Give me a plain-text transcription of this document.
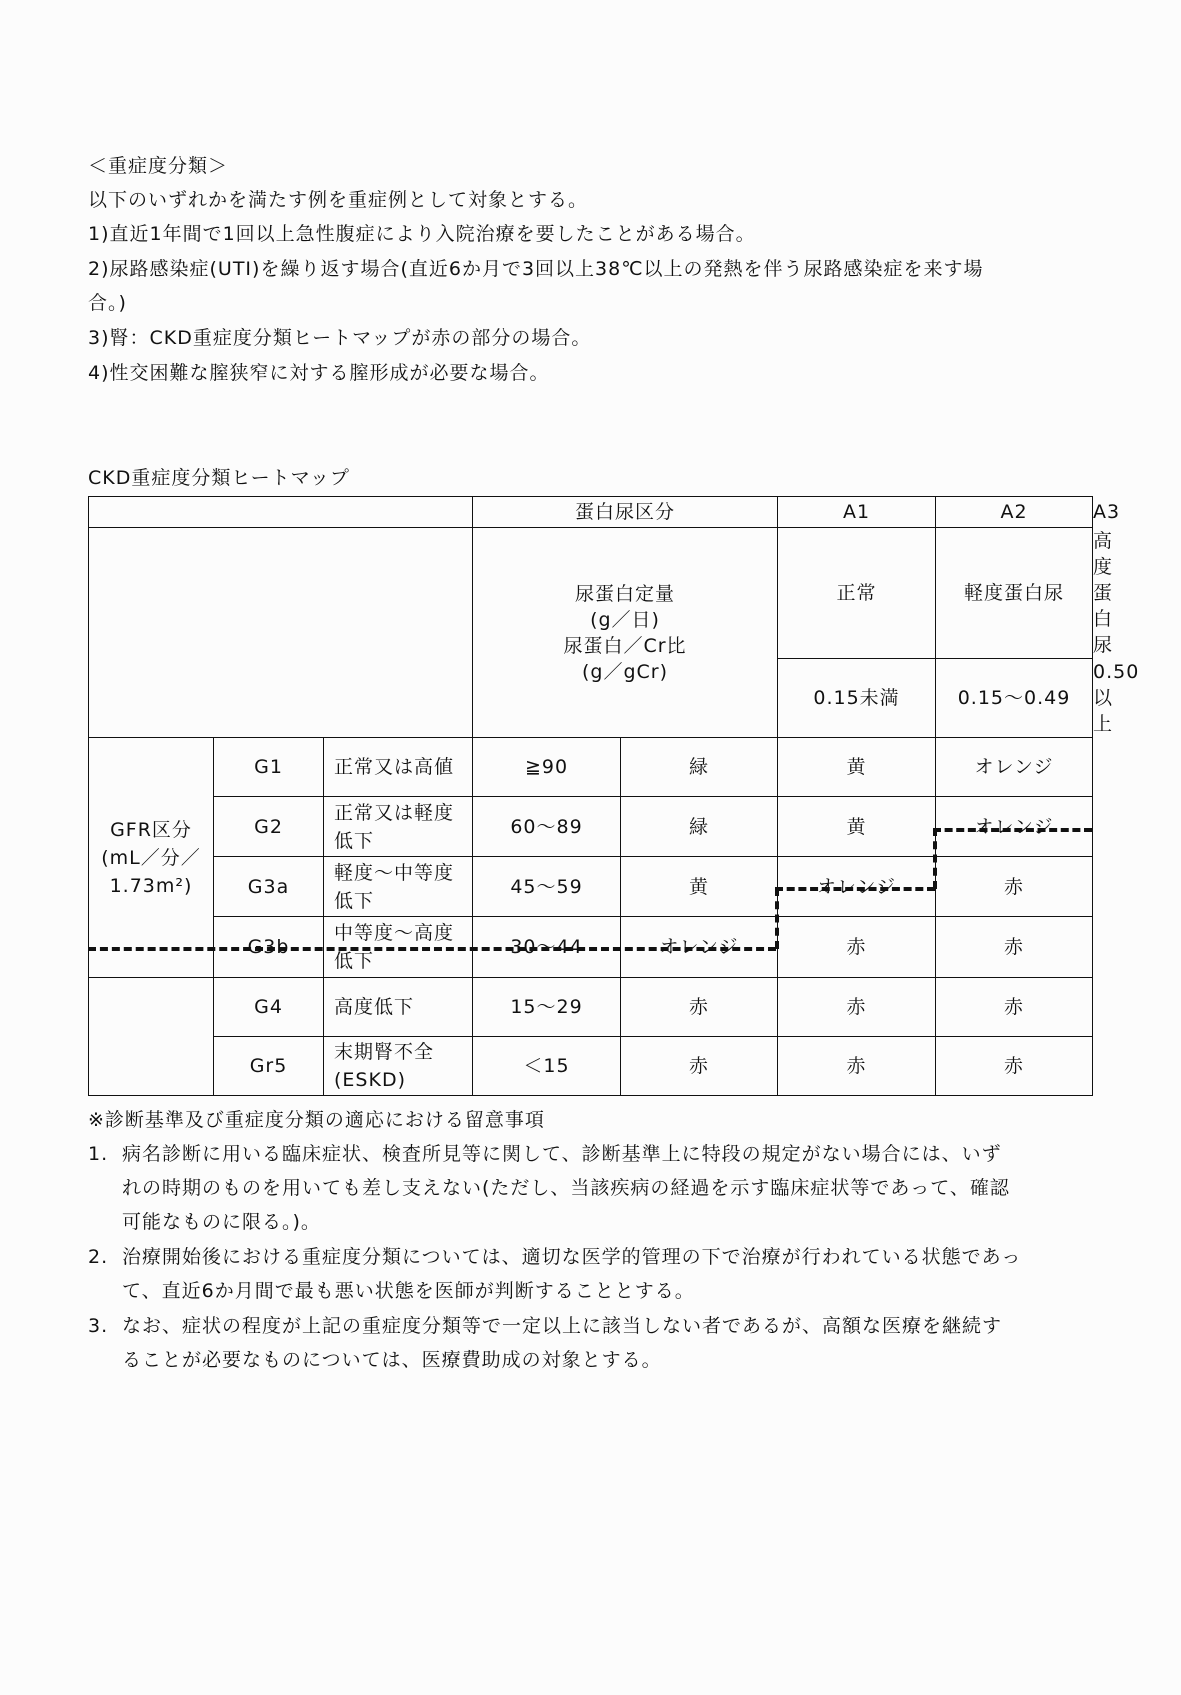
＜重症度分類＞
以下のいずれかを満たす例を重症例として対象とする。
1)直近1年間で1回以上急性腹症により入院治療を要したことがある場合。
2)尿路感染症(UTI)を繰り返す場合(直近6か月で3回以上38℃以上の発熱を伴う尿路感染症を来す場
合。)
3)腎：CKD重症度分類ヒートマップが赤の部分の場合。
4)性交困難な膣狭窄に対する膣形成が必要な場合。
CKD重症度分類ヒートマップ
			蛋白尿区分		A1	A2	A3

			尿蛋白定量
(g／日)
尿蛋白／Cr比
(g／gCr)		正常	軽度蛋白尿	高度蛋白尿
					0.15未満	0.15～0.49	0.50以上

GFR区分
(mL／分／
1.73m²)	G1	正常又は高値	≧90	緑	黄	オレンジ	
	G2	正常又は軽度低下	60～89	緑	黄	オレンジ	
	G3a	軽度～中等度低下	45～59	黄	オレンジ	赤	
	G3b	中等度～高度低下	30～44	オレンジ	赤	赤	
	G4	高度低下	15～29	赤	赤	赤	
	Gr5	末期腎不全(ESKD)	＜15	赤	赤	赤	
※診断基準及び重症度分類の適応における留意事項
1. 病名診断に用いる臨床症状、検査所見等に関して、診断基準上に特段の規定がない場合には、いず
れの時期のものを用いても差し支えない(ただし、当該疾病の経過を示す臨床症状等であって、確認
可能なものに限る。)。
2. 治療開始後における重症度分類については、適切な医学的管理の下で治療が行われている状態であっ
て、直近6か月間で最も悪い状態を医師が判断することとする。
3. なお、症状の程度が上記の重症度分類等で一定以上に該当しない者であるが、高額な医療を継続す
ることが必要なものについては、医療費助成の対象とする。
